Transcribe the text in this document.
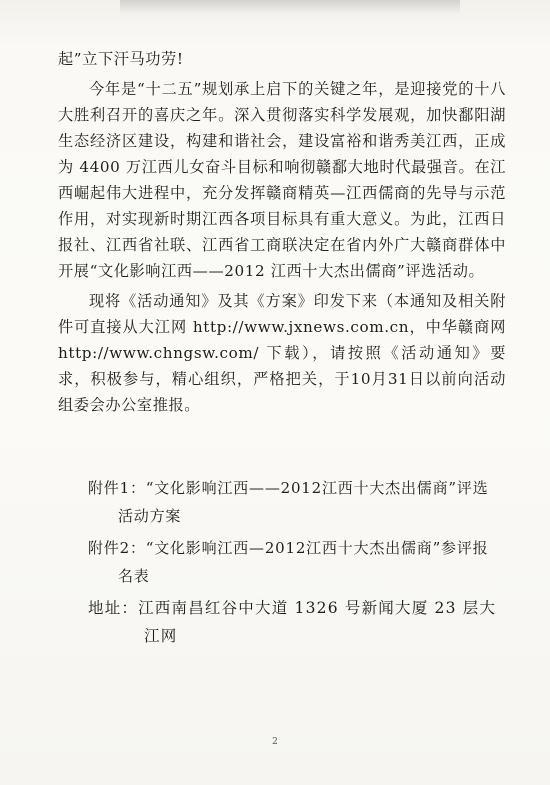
起”立下汗马功劳!

今年是“十二五”规划承上启下的关键之年，是迎接党的十八大胜利召开的喜庆之年。深入贯彻落实科学发展观，加快鄱阳湖生态经济区建设，构建和谐社会，建设富裕和谐秀美江西，正成为 4400 万江西儿女奋斗目标和响彻赣鄱大地时代最强音。在江西崛起伟大进程中，充分发挥赣商精英—江西儒商的先导与示范作用，对实现新时期江西各项目标具有重大意义。为此，江西日报社、江西省社联、江西省工商联决定在省内外广大赣商群体中开展“文化影响江西——2012 江西十大杰出儒商”评选活动。

现将《活动通知》及其《方案》印发下来（本通知及相关附件可直接从大江网 http://www.jxnews.com.cn，中华赣商网http://www.chngsw.com/ 下载），请按照《活动通知》要求，积极参与，精心组织，严格把关，于10月31日以前向活动组委会办公室推报。

附件1：“文化影响江西——2012江西十大杰出儒商”评选活动方案

附件2：“文化影响江西—2012江西十大杰出儒商”参评报名表

地址：江西南昌红谷中大道 1326 号新闻大厦 23 层大江网

2
